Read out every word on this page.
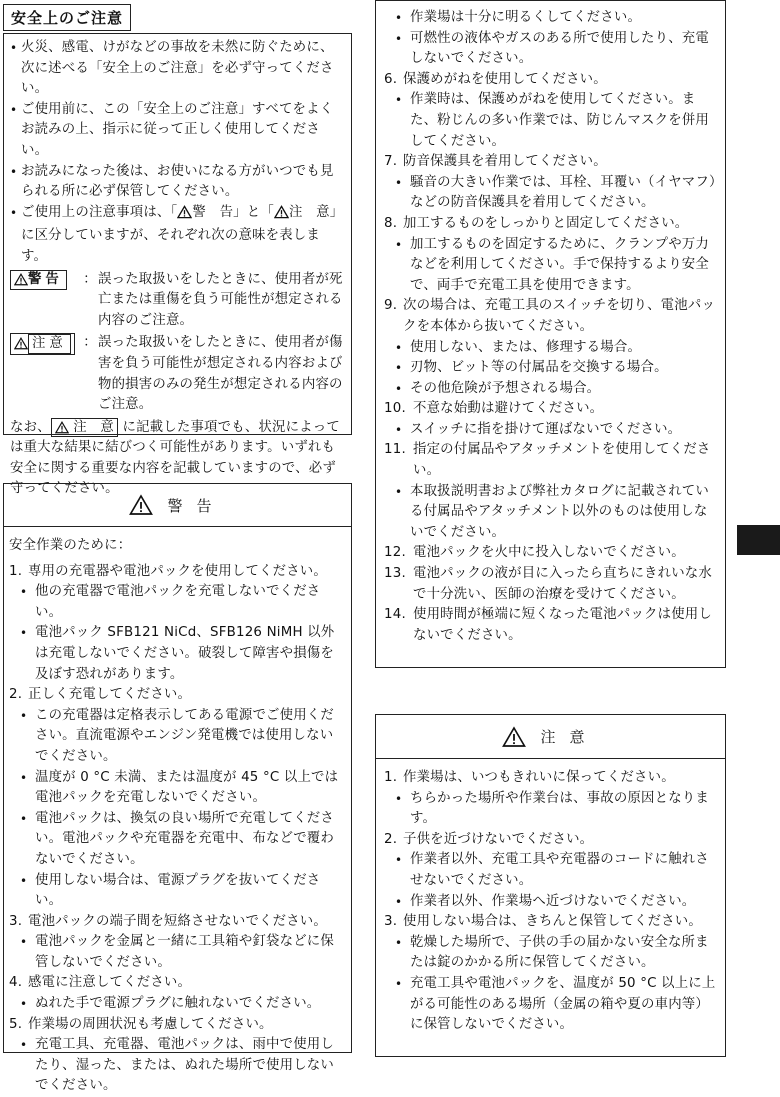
安全上のご注意

• 火災、感電、けがなどの事故を未然に防ぐために、次に述べる「安全上のご注意」を必ず守ってください。

• ご使用前に、この「安全上のご注意」すべてをよくお読みの上、指示に従って正しく使用してください。

• お読みになった後は、お使いになる方がいつでも見られる所に必ず保管してください。

• ご使用上の注意事項は、「 警　告」と「 注　意」に区分していますが、それぞれ次の意味を表します。

警告	： 誤った取扱いをしたときに、使用者が死亡または重傷を負う可能性が想定される内容のご注意。
注意	： 誤った取扱いをしたときに、使用者が傷害を負う可能性が想定される内容および物的損害のみの発生が想定される内容のご注意。

なお、 注　意 に記載した事項でも、状況によっては重大な結果に結びつく可能性があります。いずれも安全に関する重要な内容を記載していますので、必ず守ってください。

警告

安全作業のために：

1. 専用の充電器や電池パックを使用してください。

• 他の充電器で電池パックを充電しないでください。

• 電池パック SFB121 NiCd、SFB126 NiMH 以外は充電しないでください。破裂して障害や損傷を及ぼす恐れがあります。

2. 正しく充電してください。

• この充電器は定格表示してある電源でご使用ください。直流電源やエンジン発電機では使用しないでください。

• 温度が 0 °C 未満、または温度が 45 °C 以上では電池パックを充電しないでください。

• 電池パックは、換気の良い場所で充電してください。電池パックや充電器を充電中、布などで覆わないでください。

• 使用しない場合は、電源プラグを抜いてください。

3. 電池パックの端子間を短絡させないでください。

• 電池パックを金属と一緒に工具箱や釘袋などに保管しないでください。

4. 感電に注意してください。

• ぬれた手で電源プラグに触れないでください。

5. 作業場の周囲状況も考慮してください。

• 充電工具、充電器、電池パックは、雨中で使用したり、湿った、または、ぬれた場所で使用しないでください。

• 作業場は十分に明るくしてください。

• 可燃性の液体やガスのある所で使用したり、充電しないでください。

6. 保護めがねを使用してください。

• 作業時は、保護めがねを使用してください。また、粉じんの多い作業では、防じんマスクを併用してください。

7. 防音保護具を着用してください。

• 騒音の大きい作業では、耳栓、耳覆い（イヤマフ）などの防音保護具を着用してください。

8. 加工するものをしっかりと固定してください。

• 加工するものを固定するために、クランプや万力などを利用してください。手で保持するより安全で、両手で充電工具を使用できます。

9. 次の場合は、充電工具のスイッチを切り、電池パックを本体から抜いてください。

• 使用しない、または、修理する場合。

• 刃物、ビット等の付属品を交換する場合。

• その他危険が予想される場合。

10. 不意な始動は避けてください。

• スイッチに指を掛けて運ばないでください。

11. 指定の付属品やアタッチメントを使用してください。

• 本取扱説明書および弊社カタログに記載されている付属品やアタッチメント以外のものは使用しないでください。

12. 電池パックを火中に投入しないでください。

13. 電池パックの液が目に入ったら直ちにきれいな水で十分洗い、医師の治療を受けてください。

14. 使用時間が極端に短くなった電池パックは使用しないでください。

注意

1. 作業場は、いつもきれいに保ってください。

• ちらかった場所や作業台は、事故の原因となります。

2. 子供を近づけないでください。

• 作業者以外、充電工具や充電器のコードに触れさせないでください。

• 作業者以外、作業場へ近づけないでください。

3. 使用しない場合は、きちんと保管してください。

• 乾燥した場所で、子供の手の届かない安全な所または錠のかかる所に保管してください。

• 充電工具や電池パックを、温度が 50 °C 以上に上がる可能性のある場所（金属の箱や夏の車内等）に保管しないでください。
